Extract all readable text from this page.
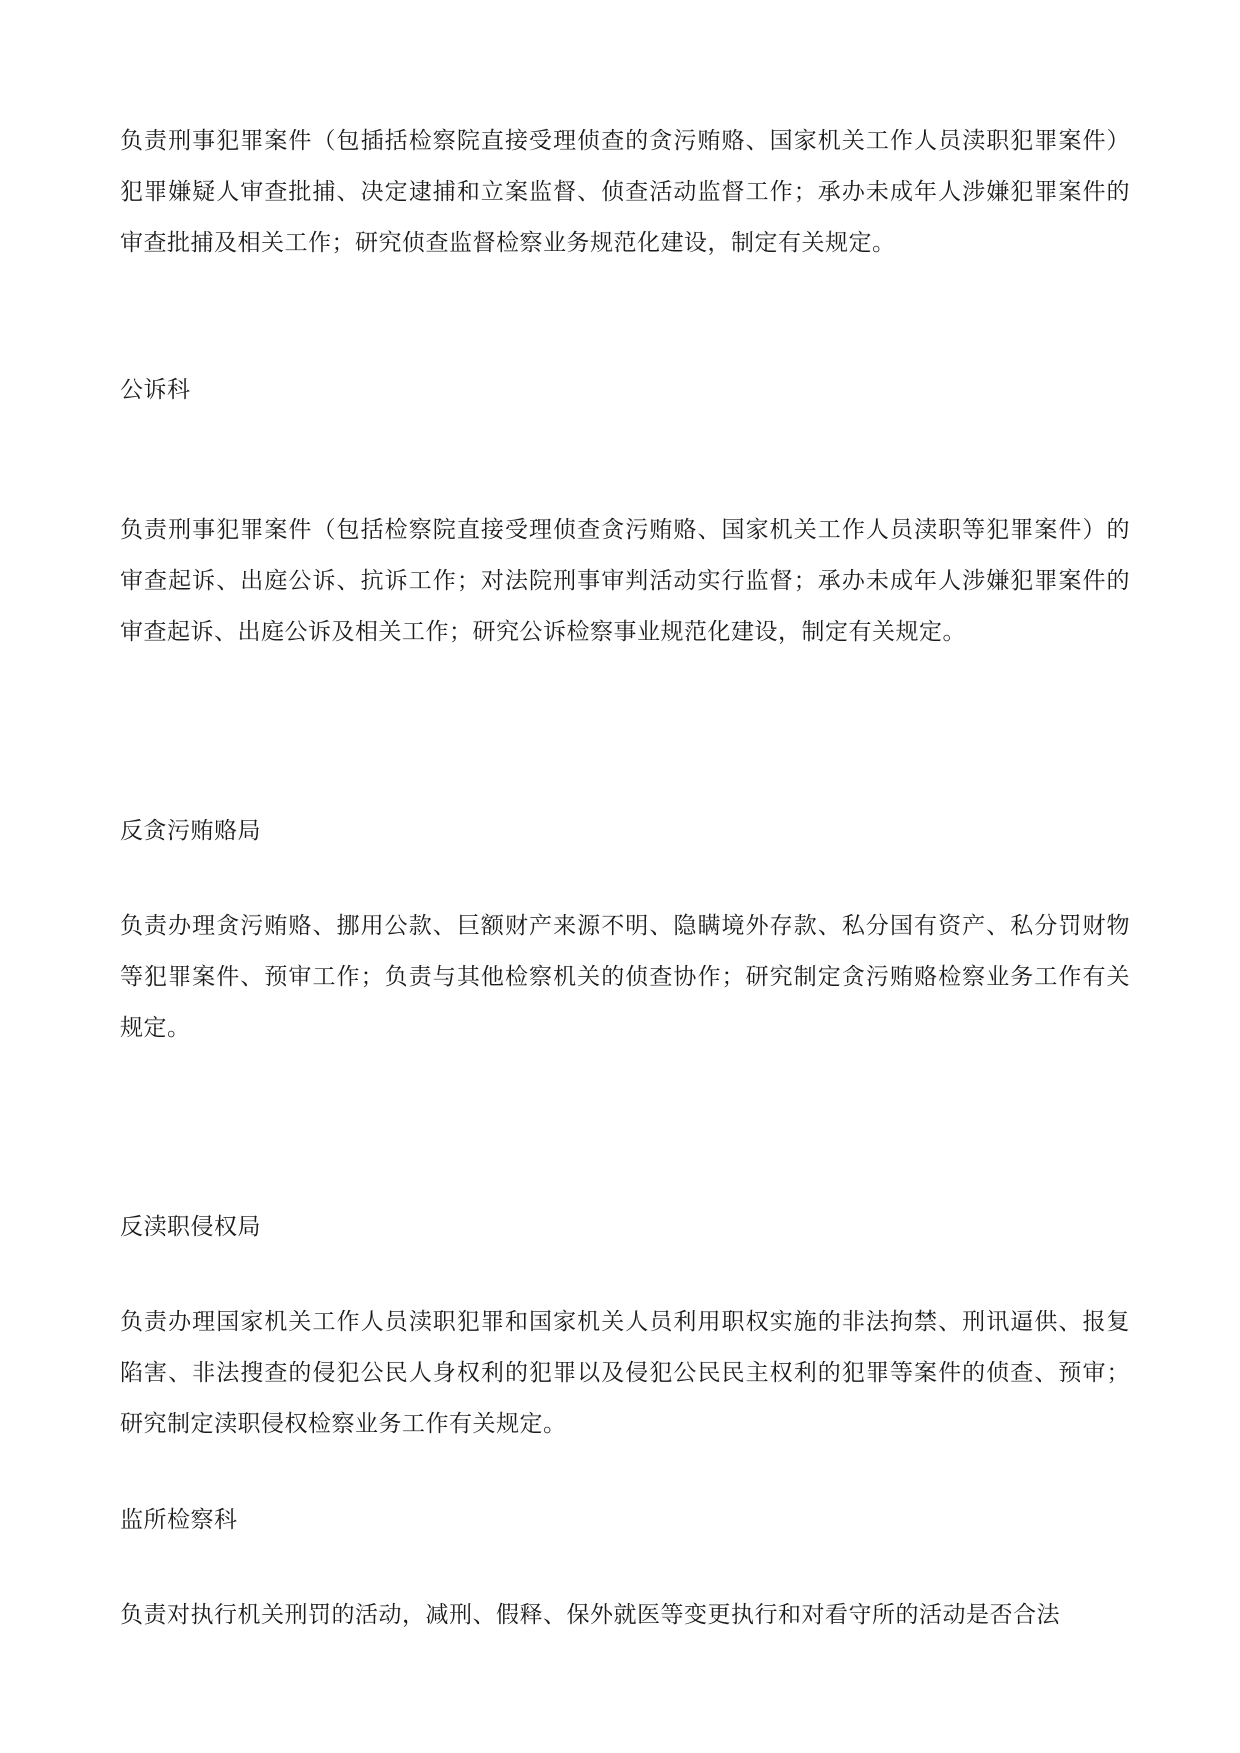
负责刑事犯罪案件（包插括检察院直接受理侦查的贪污贿赂、国家机关工作人员渎职犯罪案件）犯罪嫌疑人审查批捕、决定逮捕和立案监督、侦查活动监督工作；承办未成年人涉嫌犯罪案件的审查批捕及相关工作；研究侦查监督检察业务规范化建设，制定有关规定。
公诉科
负责刑事犯罪案件（包括检察院直接受理侦查贪污贿赂、国家机关工作人员渎职等犯罪案件）的审查起诉、出庭公诉、抗诉工作；对法院刑事审判活动实行监督；承办未成年人涉嫌犯罪案件的审查起诉、出庭公诉及相关工作；研究公诉检察事业规范化建设，制定有关规定。
反贪污贿赂局
负责办理贪污贿赂、挪用公款、巨额财产来源不明、隐瞒境外存款、私分国有资产、私分罚财物等犯罪案件、预审工作；负责与其他检察机关的侦查协作；研究制定贪污贿赂检察业务工作有关规定。
反渎职侵权局
负责办理国家机关工作人员渎职犯罪和国家机关人员利用职权实施的非法拘禁、刑讯逼供、报复陷害、非法搜查的侵犯公民人身权利的犯罪以及侵犯公民民主权利的犯罪等案件的侦查、预审；研究制定渎职侵权检察业务工作有关规定。
监所检察科
负责对执行机关刑罚的活动，减刑、假释、保外就医等变更执行和对看守所的活动是否合法
